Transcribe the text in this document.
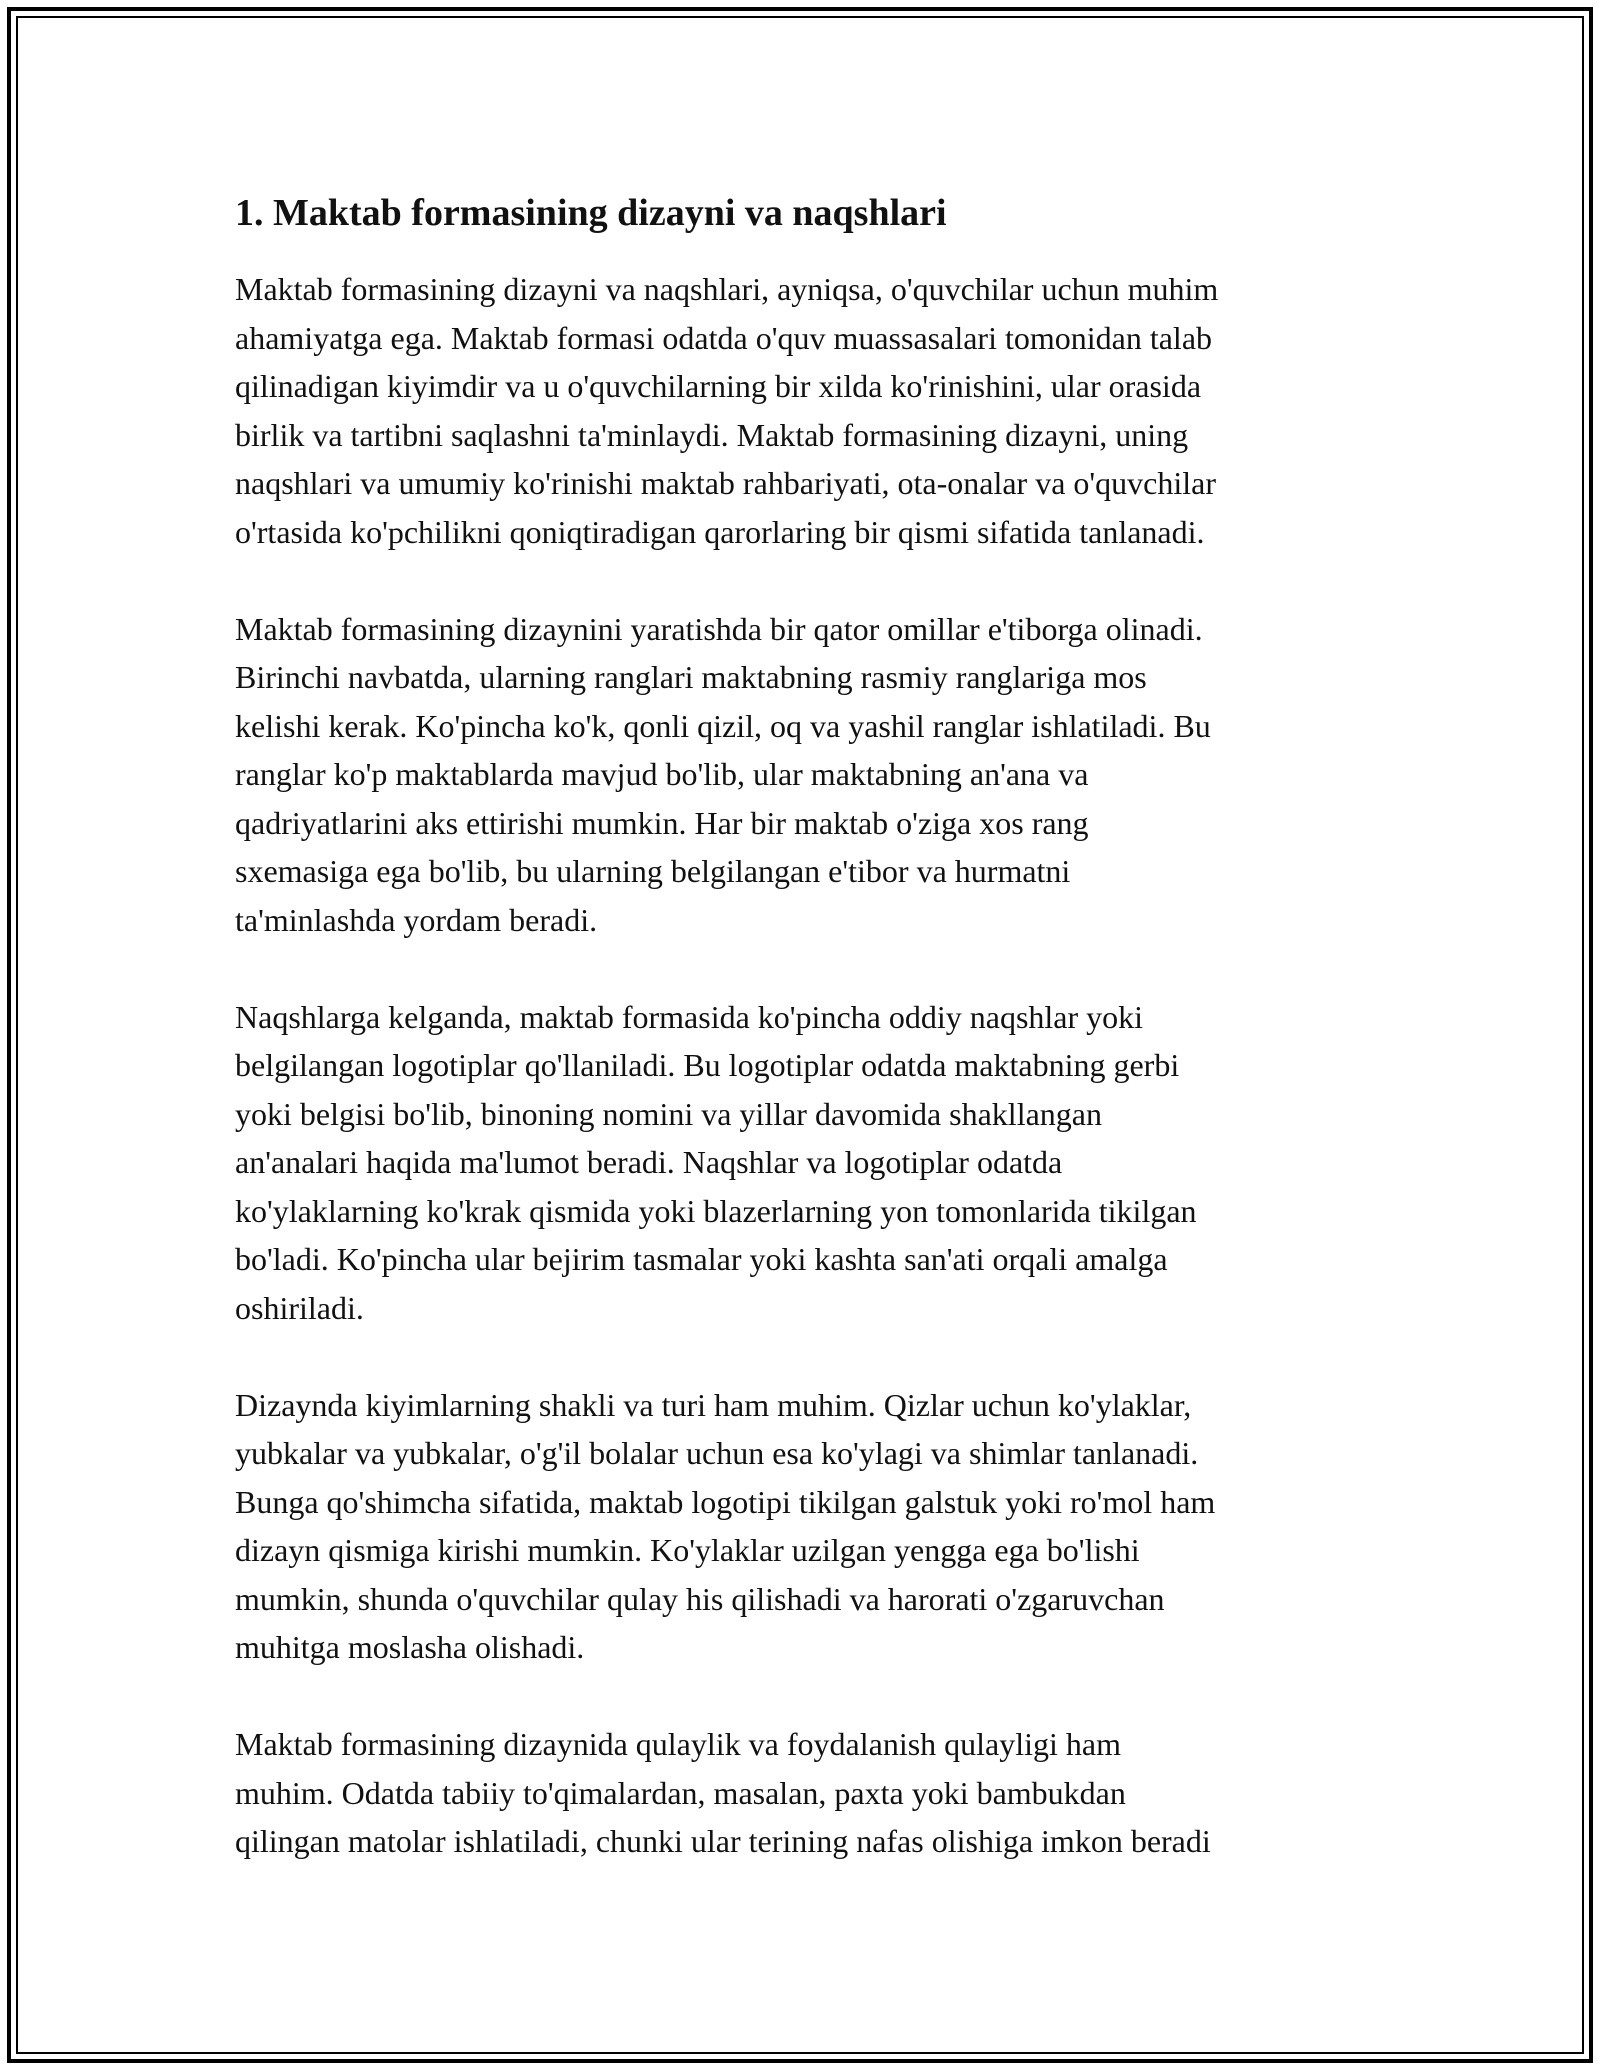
1. Maktab formasining dizayni va naqshlari

Maktab formasining dizayni va naqshlari, ayniqsa, o'quvchilar uchun muhim
ahamiyatga ega. Maktab formasi odatda o'quv muassasalari tomonidan talab
qilinadigan kiyimdir va u o'quvchilarning bir xilda ko'rinishini, ular orasida
birlik va tartibni saqlashni ta'minlaydi. Maktab formasining dizayni, uning
naqshlari va umumiy ko'rinishi maktab rahbariyati, ota-onalar va o'quvchilar
o'rtasida ko'pchilikni qoniqtiradigan qarorlaring bir qismi sifatida tanlanadi.

Maktab formasining dizaynini yaratishda bir qator omillar e'tiborga olinadi.
Birinchi navbatda, ularning ranglari maktabning rasmiy ranglariga mos
kelishi kerak. Ko'pincha ko'k, qonli qizil, oq va yashil ranglar ishlatiladi. Bu
ranglar ko'p maktablarda mavjud bo'lib, ular maktabning an'ana va
qadriyatlarini aks ettirishi mumkin. Har bir maktab o'ziga xos rang
sxemasiga ega bo'lib, bu ularning belgilangan e'tibor va hurmatni
ta'minlashda yordam beradi.

Naqshlarga kelganda, maktab formasida ko'pincha oddiy naqshlar yoki
belgilangan logotiplar qo'llaniladi. Bu logotiplar odatda maktabning gerbi
yoki belgisi bo'lib, binoning nomini va yillar davomida shakllangan
an'analari haqida ma'lumot beradi. Naqshlar va logotiplar odatda
ko'ylaklarning ko'krak qismida yoki blazerlarning yon tomonlarida tikilgan
bo'ladi. Ko'pincha ular bejirim tasmalar yoki kashta san'ati orqali amalga
oshiriladi.

Dizaynda kiyimlarning shakli va turi ham muhim. Qizlar uchun ko'ylaklar,
yubkalar va yubkalar, o'g'il bolalar uchun esa ko'ylagi va shimlar tanlanadi.
Bunga qo'shimcha sifatida, maktab logotipi tikilgan galstuk yoki ro'mol ham
dizayn qismiga kirishi mumkin. Ko'ylaklar uzilgan yengga ega bo'lishi
mumkin, shunda o'quvchilar qulay his qilishadi va harorati o'zgaruvchan
muhitga moslasha olishadi.

Maktab formasining dizaynida qulaylik va foydalanish qulayligi ham
muhim. Odatda tabiiy to'qimalardan, masalan, paxta yoki bambukdan
qilingan matolar ishlatiladi, chunki ular terining nafas olishiga imkon beradi
